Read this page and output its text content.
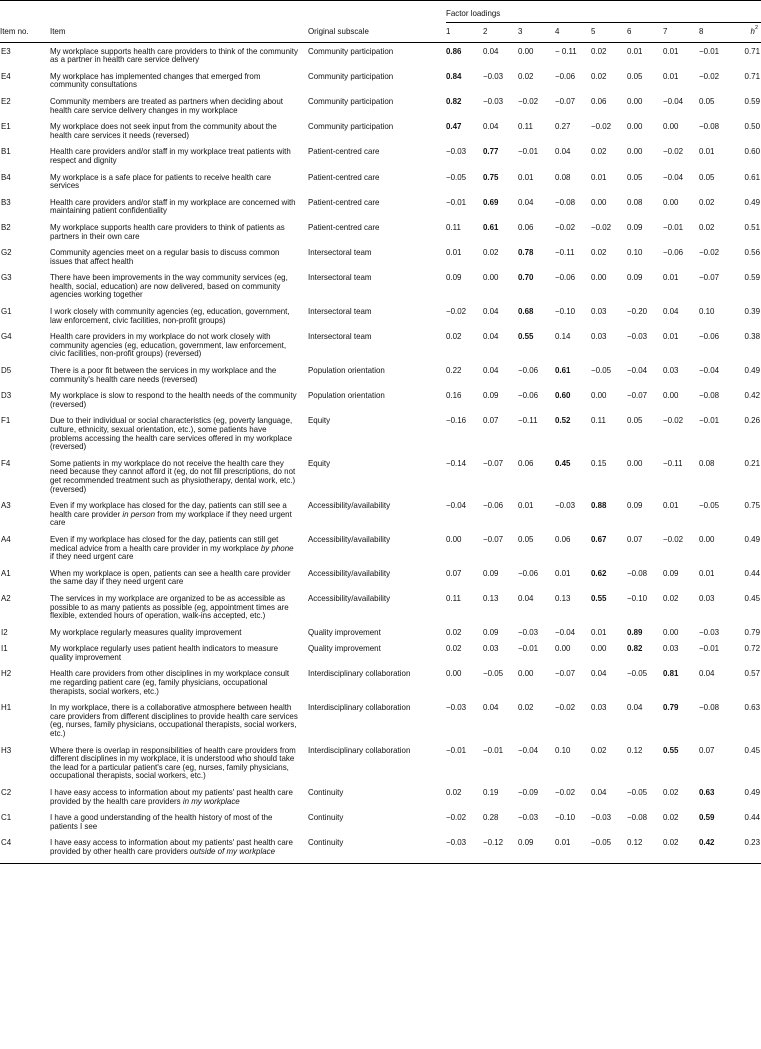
Item no.	Item	Original subscale	Factor loadings								
			1	2	3	4	5	6	7	8	$h^2$
E3	My workplace supports health care providers to think of the community as a partner in health care service delivery	Community participation	0.86	0.04	0.00	− 0.11	0.02	0.01	0.01	−0.01	0.71
E4	My workplace has implemented changes that emerged from community consultations	Community participation	0.84	−0.03	0.02	−0.06	0.02	0.05	0.01	−0.02	0.71
E2	Community members are treated as partners when deciding about health care service delivery changes in my workplace	Community participation	0.82	−0.03	−0.02	−0.07	0.06	0.00	−0.04	0.05	0.59
E1	My workplace does not seek input from the community about the health care services it needs (reversed)	Community participation	0.47	0.04	0.11	0.27	−0.02	0.00	0.00	−0.08	0.50
B1	Health care providers and/or staff in my workplace treat patients with respect and dignity	Patient-centred care	−0.03	0.77	−0.01	0.04	0.02	0.00	−0.02	0.01	0.60
B4	My workplace is a safe place for patients to receive health care services	Patient-centred care	−0.05	0.75	0.01	0.08	0.01	0.05	−0.04	0.05	0.61
B3	Health care providers and/or staff in my workplace are concerned with maintaining patient confidentiality	Patient-centred care	−0.01	0.69	0.04	−0.08	0.00	0.08	0.00	0.02	0.49
B2	My workplace supports health care providers to think of patients as partners in their own care	Patient-centred care	0.11	0.61	0.06	−0.02	−0.02	0.09	−0.01	0.02	0.51
G2	Community agencies meet on a regular basis to discuss common issues that affect health	Intersectoral team	0.01	0.02	0.78	−0.11	0.02	0.10	−0.06	−0.02	0.56
G3	There have been improvements in the way community services (eg, health, social, education) are now delivered, based on community agencies working together	Intersectoral team	0.09	0.00	0.70	−0.06	0.00	0.09	0.01	−0.07	0.59
G1	I work closely with community agencies (eg, education, government, law enforcement, civic facilities, non-profit groups)	Intersectoral team	−0.02	0.04	0.68	−0.10	0.03	−0.20	0.04	0.10	0.39
G4	Health care providers in my workplace do not work closely with community agencies (eg, education, government, law enforcement, civic facilities, non-profit groups) (reversed)	Intersectoral team	0.02	0.04	0.55	0.14	0.03	−0.03	0.01	−0.06	0.38
D5	There is a poor fit between the services in my workplace and the community's health care needs (reversed)	Population orientation	0.22	0.04	−0.06	0.61	−0.05	−0.04	0.03	−0.04	0.49
D3	My workplace is slow to respond to the health needs of the community (reversed)	Population orientation	0.16	0.09	−0.06	0.60	0.00	−0.07	0.00	−0.08	0.42
F1	Due to their individual or social characteristics (eg, poverty language, culture, ethnicity, sexual orientation, etc.), some patients have problems accessing the health care services offered in my workplace (reversed)	Equity	−0.16	0.07	−0.11	0.52	0.11	0.05	−0.02	−0.01	0.26
F4	Some patients in my workplace do not receive the health care they need because they cannot afford it (eg, do not fill prescriptions, do not get recommended treatment such as physiotherapy, dental work, etc.) (reversed)	Equity	−0.14	−0.07	0.06	0.45	0.15	0.00	−0.11	0.08	0.21
A3	Even if my workplace has closed for the day, patients can still see a health care provider in person from my workplace if they need urgent care	Accessibility/availability	−0.04	−0.06	0.01	−0.03	0.88	0.09	0.01	−0.05	0.75
A4	Even if my workplace has closed for the day, patients can still get medical advice from a health care provider in my workplace by phone if they need urgent care	Accessibility/availability	0.00	−0.07	0.05	0.06	0.67	0.07	−0.02	0.00	0.49
A1	When my workplace is open, patients can see a health care provider the same day if they need urgent care	Accessibility/availability	0.07	0.09	−0.06	0.01	0.62	−0.08	0.09	0.01	0.44
A2	The services in my workplace are organized to be as accessible as possible to as many patients as possible (eg, appointment times are flexible, extended hours of operation, walk-ins accepted, etc.)	Accessibility/availability	0.11	0.13	0.04	0.13	0.55	−0.10	0.02	0.03	0.45
I2	My workplace regularly measures quality improvement	Quality improvement	0.02	0.09	−0.03	−0.04	0.01	0.89	0.00	−0.03	0.79
I1	My workplace regularly uses patient health indicators to measure quality improvement	Quality improvement	0.02	0.03	−0.01	0.00	0.00	0.82	0.03	−0.01	0.72
H2	Health care providers from other disciplines in my workplace consult me regarding patient care (eg, family physicians, occupational therapists, social workers, etc.)	Interdisciplinary collaboration	0.00	−0.05	0.00	−0.07	0.04	−0.05	0.81	0.04	0.57
H1	In my workplace, there is a collaborative atmosphere between health care providers from different disciplines to provide health care services (eg, nurses, family physicians, occupational therapists, social workers, etc.)	Interdisciplinary collaboration	−0.03	0.04	0.02	−0.02	0.03	0.04	0.79	−0.08	0.63
H3	Where there is overlap in responsibilities of health care providers from different disciplines in my workplace, it is understood who should take the lead for a particular patient's care (eg, nurses, family physicians, occupational therapists, social workers, etc.)	Interdisciplinary collaboration	−0.01	−0.01	−0.04	0.10	0.02	0.12	0.55	0.07	0.45
C2	I have easy access to information about my patients' past health care provided by the health care providers in my workplace	Continuity	0.02	0.19	−0.09	−0.02	0.04	−0.05	0.02	0.63	0.49
C1	I have a good understanding of the health history of most of the patients I see	Continuity	−0.02	0.28	−0.03	−0.10	−0.03	−0.08	0.02	0.59	0.44
C4	I have easy access to information about my patients' past health care provided by other health care providers outside of my workplace	Continuity	−0.03	−0.12	0.09	0.01	−0.05	0.12	0.02	0.42	0.23
